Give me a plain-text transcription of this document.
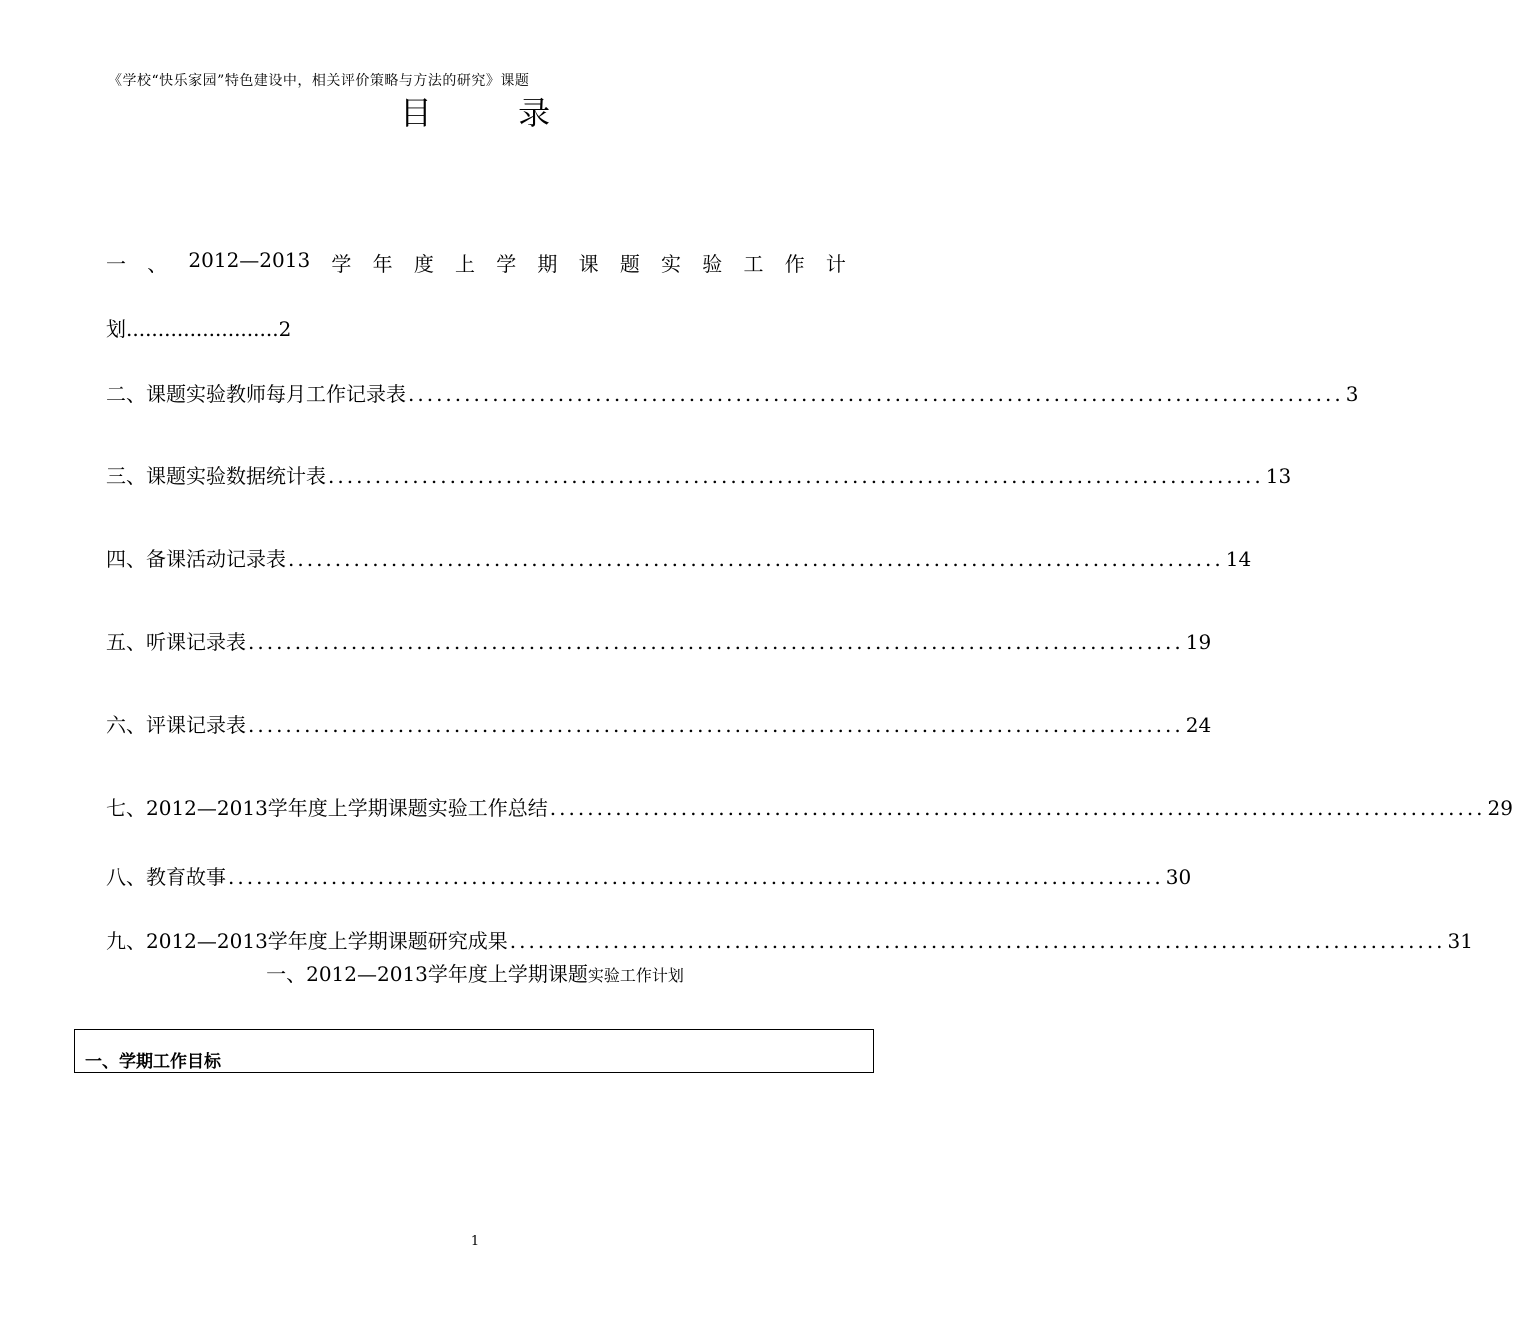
《学校“快乐家园”特色建设中，相关评价策略与方法的研究》课题
目 录
一 、 2012—2013 学 年 度 上 学 期 课 题 实 验 工 作 计
划........................2
二、课题实验教师每月工作记录表 .................................................................................................... 3
三、课题实验数据统计表 .................................................................................................... 13
四、备课活动记录表 .................................................................................................... 14
五、听课记录表 .................................................................................................... 19
六、评课记录表 .................................................................................................... 24
七、2012—2013学年度上学期课题实验工作总结 .................................................................................................... 29
八、教育故事 .................................................................................................... 30
九、2012—2013学年度上学期课题研究成果 .................................................................................................... 31
一、2012—2013学年度上学期课题实验工作计划
一、学期工作目标
1
